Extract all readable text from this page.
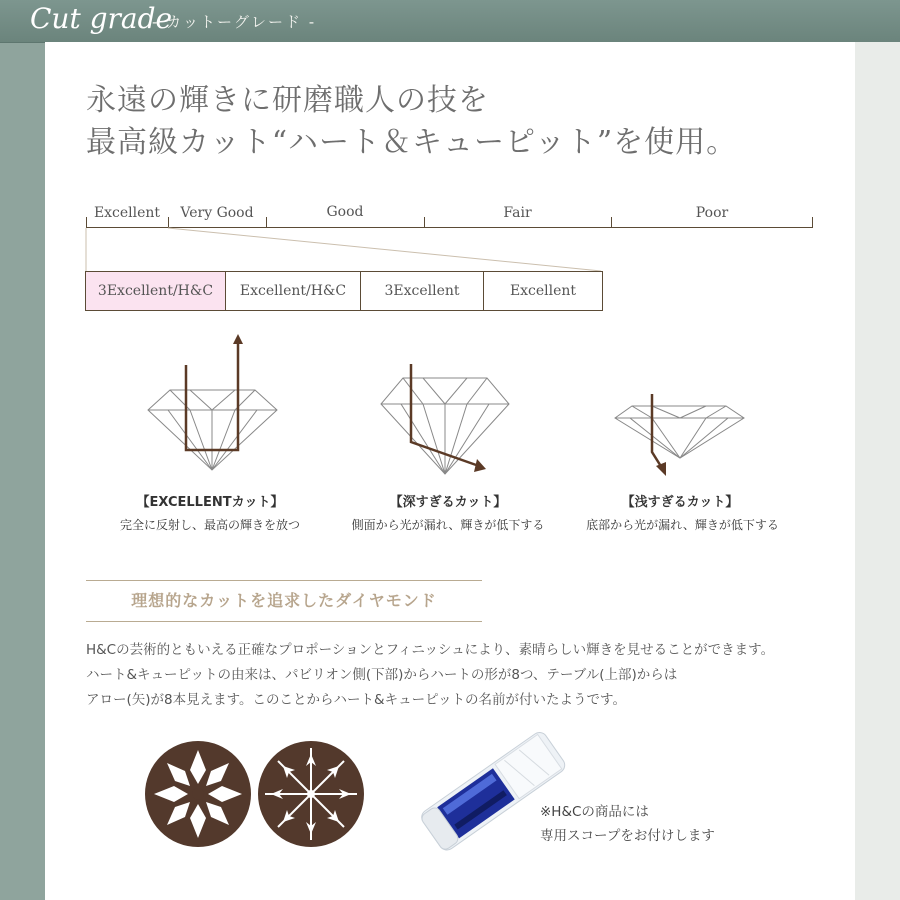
Cut grade
- カットーグレード -
永遠の輝きに研磨職人の技を
最高級カット“ハート＆キューピット”を使用。
Excellent	Very Good	Good	Fair	Poor
3Excellent/H&C	Excellent/H&C	3Excellent	Excellent
【EXCELLENTカット】
完全に反射し、最高の輝きを放つ
【深すぎるカット】
側面から光が漏れ、輝きが低下する
【浅すぎるカット】
底部から光が漏れ、輝きが低下する
理想的なカットを追求したダイヤモンド

H&Cの芸術的ともいえる正確なプロポーションとフィニッシュにより、素晴らしい輝きを見せることができます。

ハート&キューピットの由来は、パビリオン側(下部)からハートの形が8つ、テーブル(上部)からは

アロー(矢)が8本見えます。このことからハート&キューピットの名前が付いたようです。

※H&Cの商品には

専用スコープをお付けします
